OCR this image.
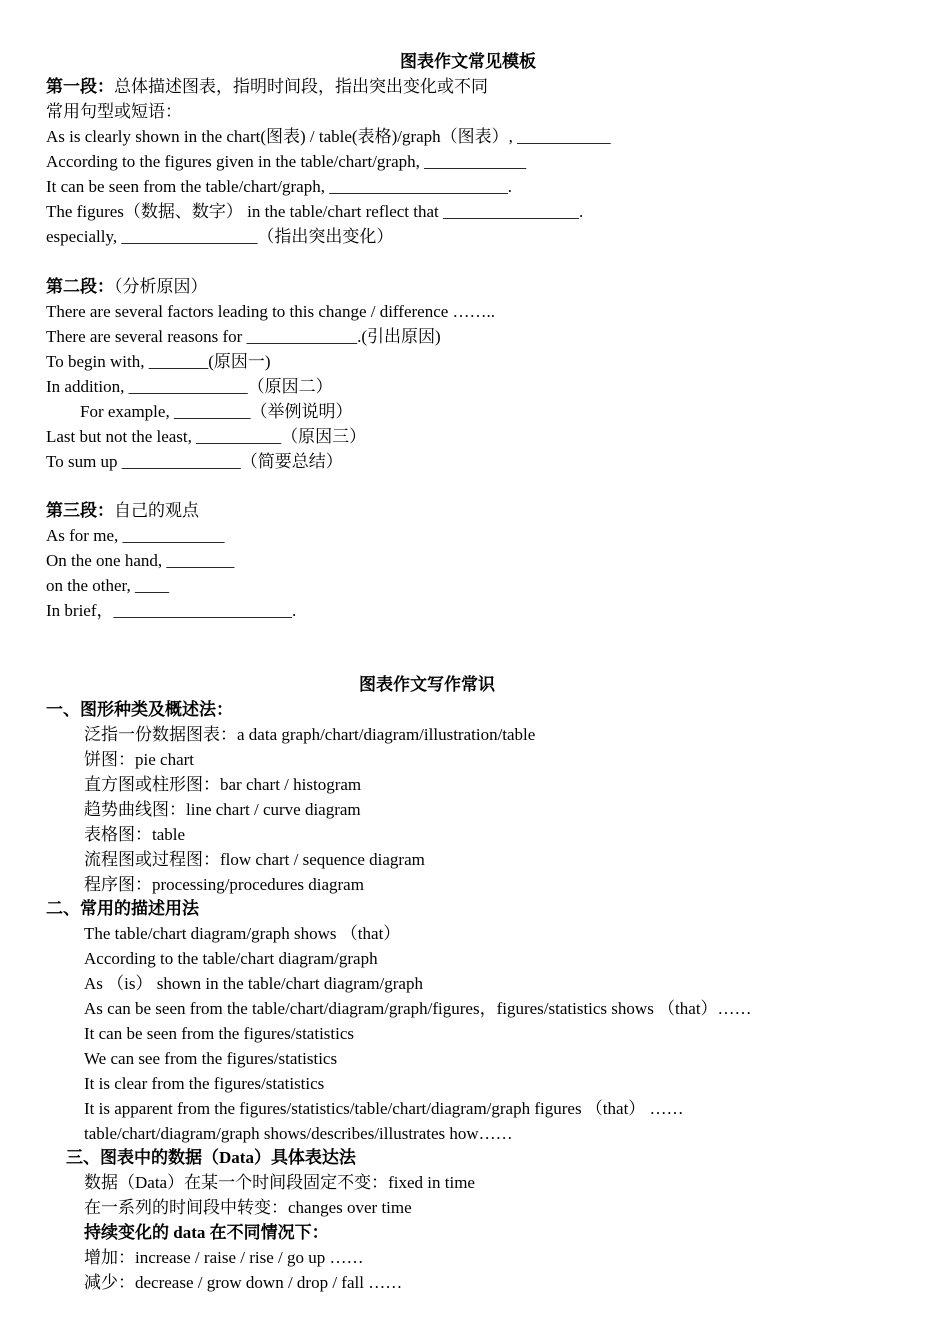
图表作文常见模板
第一段：总体描述图表，指明时间段，指出突出变化或不同
常用句型或短语：
As is clearly shown in the chart(图表) / table(表格)/graph（图表）, ___________
According to the figures given in the table/chart/graph, ____________
It can be seen from the table/chart/graph, _____________________.
The figures（数据、数字） in the table/chart reflect that ________________.
especially, ________________（指出突出变化）
第二段：（分析原因）
There are several factors leading to this change / difference ……..
There are several reasons for _____________.(引出原因)
To begin with, _______(原因一)
In addition, ______________（原因二）
For example, _________（举例说明）
Last but not the least, __________（原因三）
To sum up ______________（简要总结）
第三段：自己的观点
As for me, ____________
On the one hand, ________
on the other, ____
In brief，_____________________.
图表作文写作常识
一、图形种类及概述法：
泛指一份数据图表：a data graph/chart/diagram/illustration/table
饼图：pie chart
直方图或柱形图：bar chart / histogram
趋势曲线图：line chart / curve diagram
表格图：table
流程图或过程图：flow chart / sequence diagram
程序图：processing/procedures diagram
二、常用的描述用法
The table/chart diagram/graph shows （that）
According to the table/chart diagram/graph
As （is） shown in the table/chart diagram/graph
As can be seen from the table/chart/diagram/graph/figures，figures/statistics shows （that）……
It can be seen from the figures/statistics
We can see from the figures/statistics
It is clear from the figures/statistics
It is apparent from the figures/statistics/table/chart/diagram/graph figures （that） ……
table/chart/diagram/graph shows/describes/illustrates how……
三、图表中的数据（Data）具体表达法
数据（Data）在某一个时间段固定不变：fixed in time
在一系列的时间段中转变：changes over time
持续变化的 data 在不同情况下：
增加：increase / raise / rise / go up ……
减少：decrease / grow down / drop / fall ……
